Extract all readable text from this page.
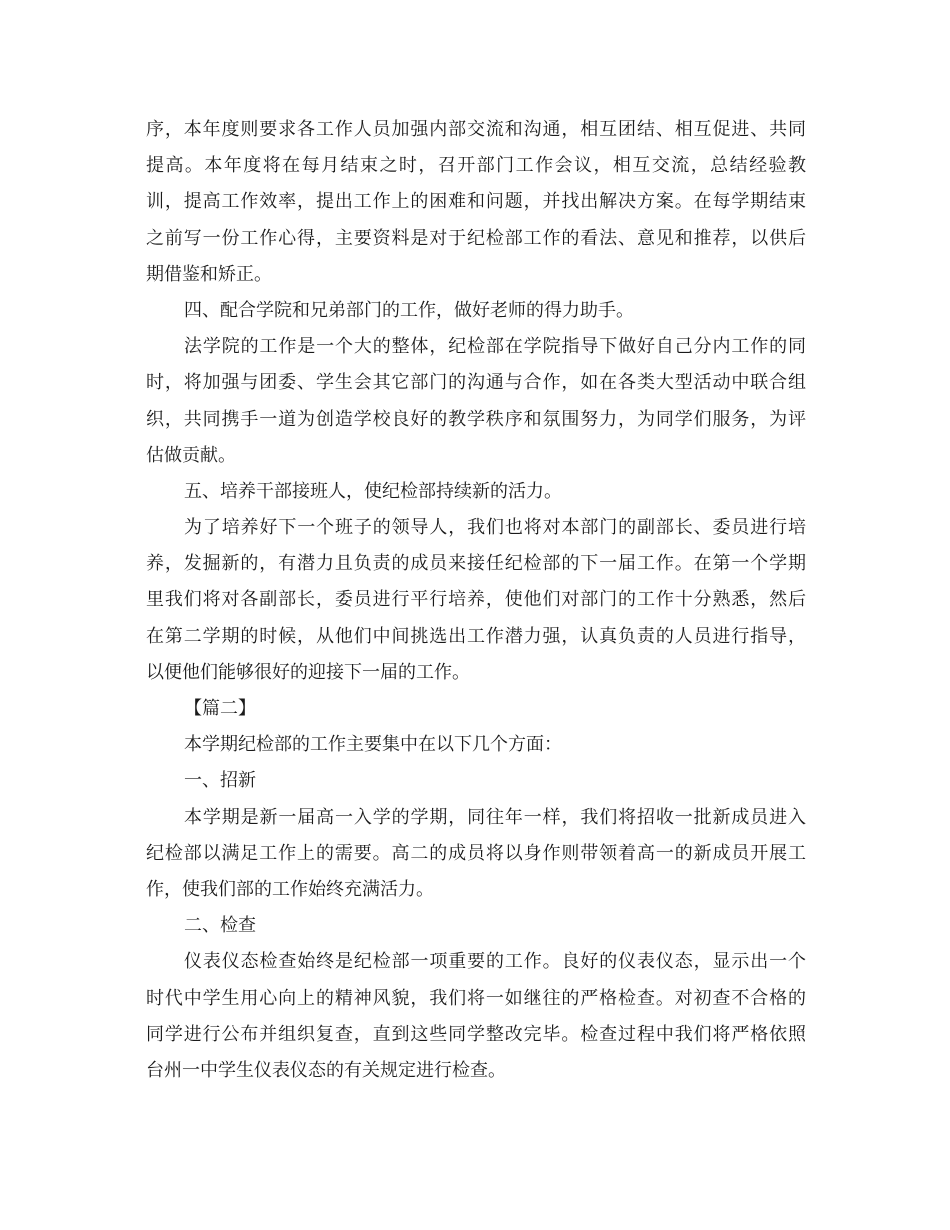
序，本年度则要求各工作人员加强内部交流和沟通，相互团结、相互促进、共同
提高。本年度将在每月结束之时，召开部门工作会议，相互交流，总结经验教
训，提高工作效率，提出工作上的困难和问题，并找出解决方案。在每学期结束
之前写一份工作心得，主要资料是对于纪检部工作的看法、意见和推荐，以供后
期借鉴和矫正。
四、配合学院和兄弟部门的工作，做好老师的得力助手。
法学院的工作是一个大的整体，纪检部在学院指导下做好自己分内工作的同
时，将加强与团委、学生会其它部门的沟通与合作，如在各类大型活动中联合组
织，共同携手一道为创造学校良好的教学秩序和氛围努力，为同学们服务，为评
估做贡献。
五、培养干部接班人，使纪检部持续新的活力。
为了培养好下一个班子的领导人，我们也将对本部门的副部长、委员进行培
养，发掘新的，有潜力且负责的成员来接任纪检部的下一届工作。在第一个学期
里我们将对各副部长，委员进行平行培养，使他们对部门的工作十分熟悉，然后
在第二学期的时候，从他们中间挑选出工作潜力强，认真负责的人员进行指导，
以便他们能够很好的迎接下一届的工作。
【篇二】
本学期纪检部的工作主要集中在以下几个方面：
一、招新
本学期是新一届高一入学的学期，同往年一样，我们将招收一批新成员进入
纪检部以满足工作上的需要。高二的成员将以身作则带领着高一的新成员开展工
作，使我们部的工作始终充满活力。
二、检查
仪表仪态检查始终是纪检部一项重要的工作。良好的仪表仪态，显示出一个
时代中学生用心向上的精神风貌，我们将一如继往的严格检查。对初查不合格的
同学进行公布并组织复查，直到这些同学整改完毕。检查过程中我们将严格依照
台州一中学生仪表仪态的有关规定进行检查。
